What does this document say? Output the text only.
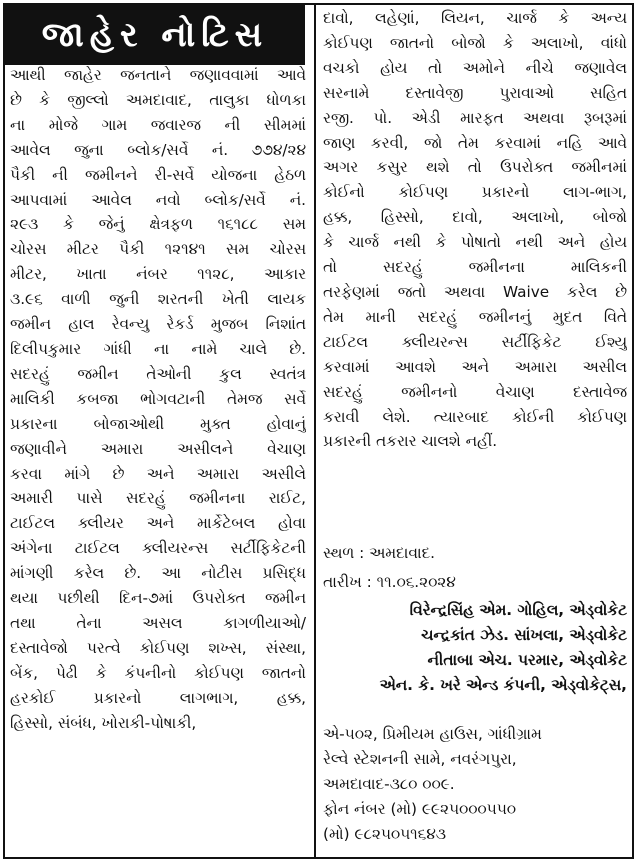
જાહેર નોટિસ
આથી જાહેર જનતાને જણાવવામાં આવે
છે કે જીલ્લો અમદાવાદ, તાલુકા ધોળકા
ના મોજે ગામ જવારજ ની સીમમાં
આવેલ જુના બ્લોક/સર્વે નં. ૭૭૪/૨૪
પૈકી ની જમીનને રી-સર્વે યોજના હેઠળ
આપવામાં આવેલ નવો બ્લોક/સર્વે નં.
૨૯૩ કે જેનું ક્ષેત્રફળ ૧૬૧૮૮ સમ
ચોરસ મીટર પૈકી ૧૨૧૪૧ સમ ચોરસ
મીટર, ખાતા નંબર ૧૧૨૮, આકાર
૩.૯૬ વાળી જુની શરતની ખેતી લાયક
જમીન હાલ રેવન્યુ રેકર્ડ મુજબ નિશાંત
દિલીપકુમાર ગાંધી ના નામે ચાલે છે.
સદરહું જમીન તેઓની કુલ સ્વતંત્ર
માલિકી કબજા ભોગવટાની તેમજ સર્વે
પ્રકારના બોજાઓથી મુક્ત હોવાનું
જણાવીને અમારા અસીલને વેચાણ
કરવા માંગે છે અને અમારા અસીલે
અમારી પાસે સદરહું જમીનના રાઈટ,
ટાઈટલ ક્લીયર અને માર્કેટેબલ હોવા
અંગેના ટાઈટલ ક્લીયરન્સ સર્ટીફિકેટની
માંગણી કરેલ છે. આ નોટીસ પ્રસિદ્ધ
થયા પછીથી દિન-૭માં ઉપરોક્ત જમીન
તથા તેના અસલ કાગળીયાઓ/
દસ્તાવેજો પરત્વે કોઈપણ શખ્સ, સંસ્થા,
બેંક, પેઢી કે કંપનીનો કોઈપણ જાતનો
હરકોઈ પ્રકારનો લાગભાગ, હક્ક,
હિસ્સો, સંબંધ, ખોરાકી-પોષાકી,
દાવો, લહેણાં, લિયન, ચાર્જ કે અન્ય
કોઈપણ જાતનો બોજો કે અલાખો, વાંધો
વચકો હોય તો અમોને નીચે જણાવેલ
સરનામે દસ્તાવેજી પુરાવાઓ સહિત
રજી. પો. એડી મારફત અથવા રૂબરૂમાં
જાણ કરવી, જો તેમ કરવામાં નહિ આવે
અગર કસુર થશે તો ઉપરોક્ત જમીનમાં
કોઈનો કોઈપણ પ્રકારનો લાગ-ભાગ,
હક્ક, હિસ્સો, દાવો, અલાખો, બોજો
કે ચાર્જ નથી કે પોષાતો નથી અને હોય
તો સદરહું જમીનના માલિકની
તરફેણમાં જતો અથવા Waive કરેલ છે
તેમ માની સદરહું જમીનનું મુદત વિતે
ટાઈટલ ક્લીયરન્સ સર્ટીફિકેટ ઈશ્યુ
કરવામાં આવશે અને અમારા અસીલ
સદરહું જમીનનો વેચાણ દસ્તાવેજ
કરાવી લેશે. ત્યારબાદ કોઈની કોઈપણ
પ્રકારની તકરાર ચાલશે નહીં.
સ્થળ : અમદાવાદ.
તારીખ : ૧૧.૦૬.૨૦૨૪
વિરેન્દ્રસિંહ એમ. ગોહિલ, એડ્વોકેટ
ચન્દ્રકાંત ઝેડ. સાંખલા, એડ્વોકેટ
નીતાબા એચ. પરમાર, એડ્વોકેટ
એન. કે. ખરે એન્ડ કંપની, એડ્વોકેટ્સ,
એ-૫૦૨, પ્રિમીયમ હાઉસ, ગાંધીગ્રામ
રેલ્વે સ્ટેશનની સામે, નવરંગપુરા,
અમદાવાદ-૩૮૦ ૦૦૯.
ફોન નંબર (મો) ૯૯૨૫૦૦૦૫૫૦
(મો) ૯૮૨૫૦૫૧૬૪૩
